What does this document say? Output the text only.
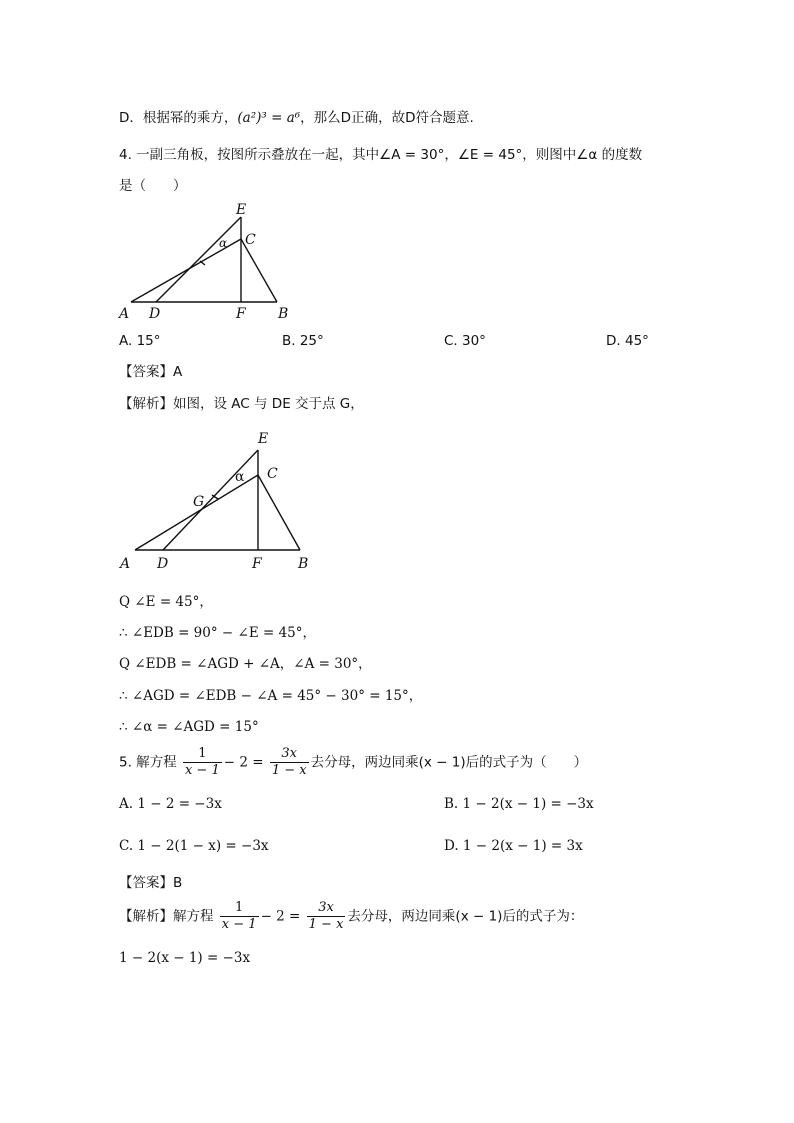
D．根据幂的乘方，(a²)³ = a⁶，那么D正确，故D符合题意.
4. 一副三角板，按图所示叠放在一起，其中∠A = 30°，∠E = 45°，则图中∠α 的度数
是（　　）
E
C
α
A D	F B
E
C
α
G
A D	F	B
A. 15°	B. 25°	C. 30°	D. 45°
【答案】A
【解析】如图，设 AC 与 DE 交于点 G，
Q ∠E = 45°，
∴ ∠EDB = 90° − ∠E = 45°，
Q ∠EDB = ∠AGD + ∠A，∠A = 30°，
∴ ∠AGD = ∠EDB − ∠A = 45° − 30° = 15°，
∴ ∠α = ∠AGD = 15°
5. 解方程 $\frac{1}{x - 1} - 2 = \frac{3x}{1 - x}$ 去分母，两边同乘(x − 1)后的式子为（　　）
A. 1 − 2 = −3x	B. 1 − 2(x − 1) = −3x
C. 1 − 2(1 − x) = −3x	D. 1 − 2(x − 1) = 3x
【答案】B
【解析】解方程 $\frac{1}{x - 1} - 2 = \frac{3x}{1 - x}$ 去分母，两边同乘(x − 1)后的式子为：
1 − 2(x − 1) = −3x
